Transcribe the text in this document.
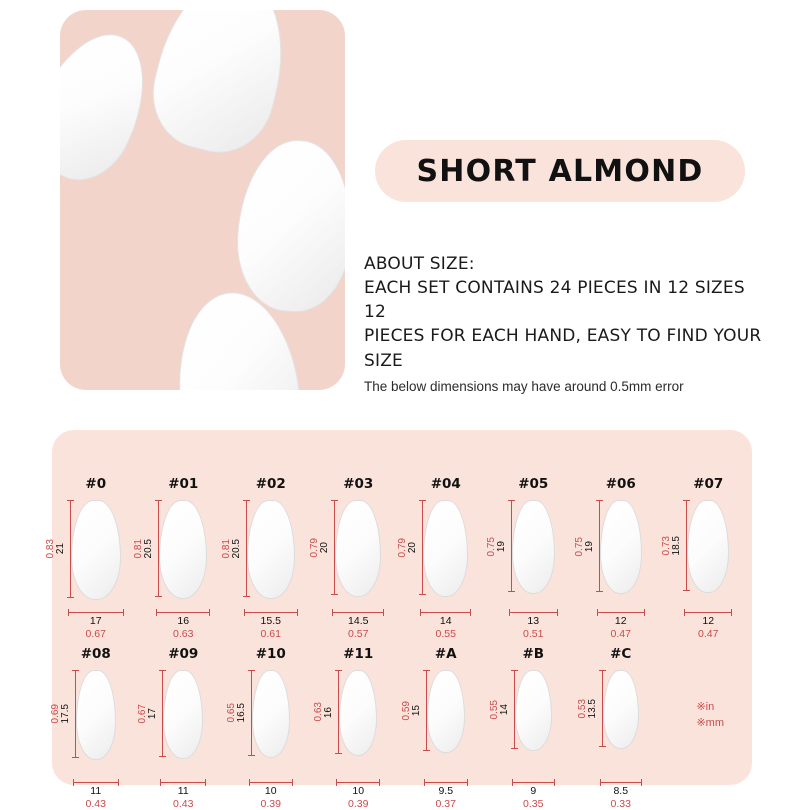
SHORT ALMOND
ABOUT SIZE:
EACH SET CONTAINS 24 PIECES IN 12 SIZES 12
PIECES FOR EACH HAND, EASY TO FIND YOUR SIZE
The below dimensions may have around 0.5mm error
#0
0.83 21
17
0.67
#01
0.81 20.5
16
0.63
#02
0.81 20.5
15.5
0.61
#03
0.79 20
14.5
0.57
#04
0.79 20
14
0.55
#05
0.75 19
13
0.51
#06
0.75 19
12
0.47
#07
0.73 18.5
12
0.47
#08
0.69 17.5
11
0.43
#09
0.67 17
11
0.43
#10
0.65 16.5
10
0.39
#11
0.63 16
10
0.39
#A
0.59 15
9.5
0.37
#B
0.55 14
9
0.35
#C
0.53 13.5
8.5
0.33
※in
※mm
